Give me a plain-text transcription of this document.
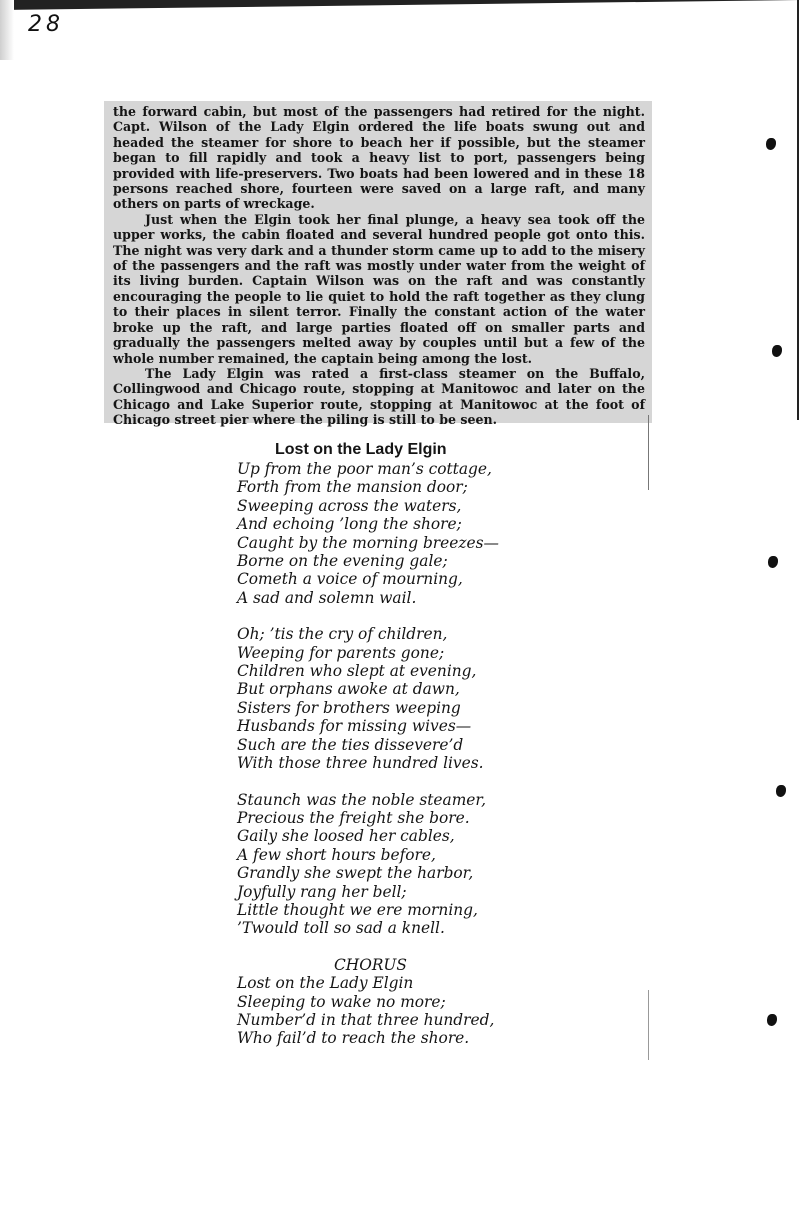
28

the forward cabin, but most of the passengers had retired for the night. Capt. Wilson of the Lady Elgin ordered the life boats swung out and headed the steamer for shore to beach her if possible, but the steamer began to fill rapidly and took a heavy list to port, passengers being provided with life-preservers. Two boats had been lowered and in these 18 persons reached shore, fourteen were saved on a large raft, and many others on parts of wreckage.

Just when the Elgin took her final plunge, a heavy sea took off the upper works, the cabin floated and several hundred people got onto this. The night was very dark and a thunder storm came up to add to the misery of the passengers and the raft was mostly under water from the weight of its living burden. Captain Wilson was on the raft and was constantly encouraging the people to lie quiet to hold the raft together as they clung to their places in silent terror. Finally the constant action of the water broke up the raft, and large parties floated off on smaller parts and gradually the passengers melted away by couples until but a few of the whole number remained, the captain being among the lost.

The Lady Elgin was rated a first-class steamer on the Buffalo, Collingwood and Chicago route, stopping at Manitowoc and later on the Chicago and Lake Superior route, stopping at Manitowoc at the foot of Chicago street pier where the piling is still to be seen.

Lost on the Lady Elgin
Up from the poor man’s cottage,
Forth from the mansion door;
Sweeping across the waters,
And echoing ’long the shore;
Caught by the morning breezes—
Borne on the evening gale;
Cometh a voice of mourning,
A sad and solemn wail.
Oh; ’tis the cry of children,
Weeping for parents gone;
Children who slept at evening,
But orphans awoke at dawn,
Sisters for brothers weeping
Husbands for missing wives—
Such are the ties dissevere’d
With those three hundred lives.
Staunch was the noble steamer,
Precious the freight she bore.
Gaily she loosed her cables,
A few short hours before,
Grandly she swept the harbor,
Joyfully rang her bell;
Little thought we ere morning,
’Twould toll so sad a knell.
CHORUS
Lost on the Lady Elgin
Sleeping to wake no more;
Number’d in that three hundred,
Who fail’d to reach the shore.
